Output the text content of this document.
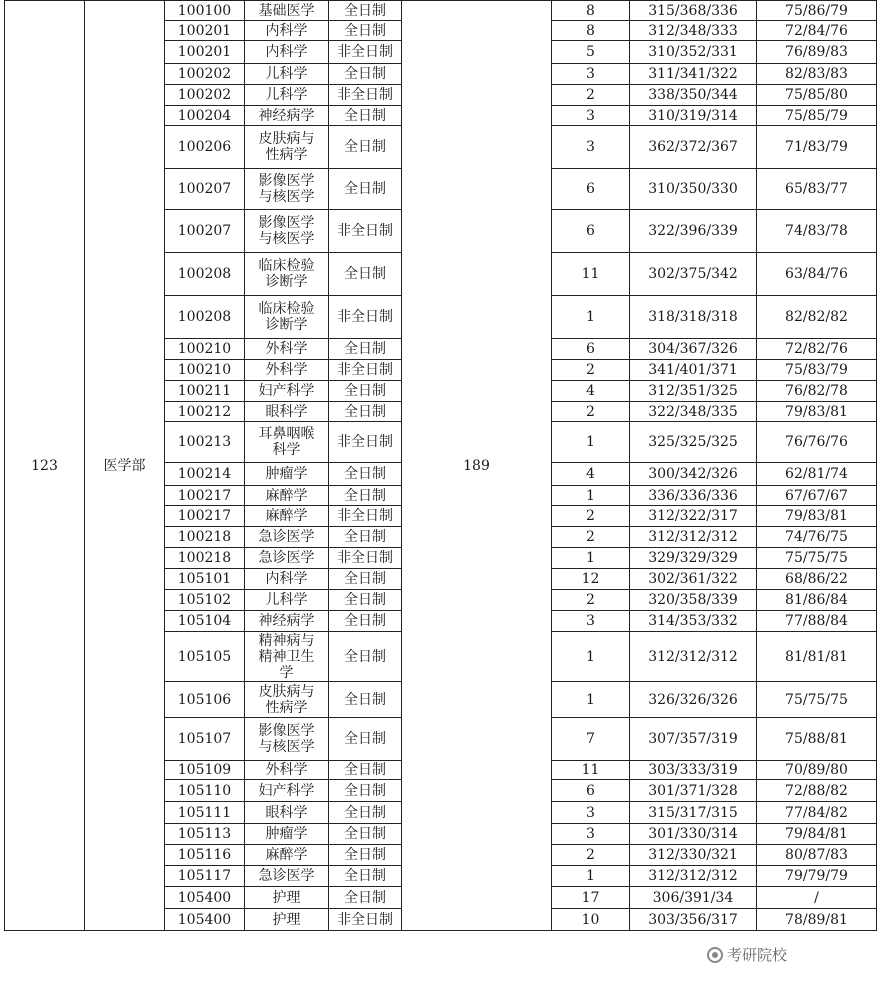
123	医学部	100100	基础医学	全日制	189	8	315/368/336	75/86/79
		100201	内科学	全日制		8	312/348/333	72/84/76
		100201	内科学	非全日制		5	310/352/331	76/89/83
		100202	儿科学	全日制		3	311/341/322	82/83/83
		100202	儿科学	非全日制		2	338/350/344	75/85/80
		100204	神经病学	全日制		3	310/319/314	75/85/79
		100206	皮肤病与
性病学	全日制		3	362/372/367	71/83/79
		100207	影像医学
与核医学	全日制		6	310/350/330	65/83/77
		100207	影像医学
与核医学	非全日制		6	322/396/339	74/83/78
		100208	临床检验
诊断学	全日制		11	302/375/342	63/84/76
		100208	临床检验
诊断学	非全日制		1	318/318/318	82/82/82
		100210	外科学	全日制		6	304/367/326	72/82/76
		100210	外科学	非全日制		2	341/401/371	75/83/79
		100211	妇产科学	全日制		4	312/351/325	76/82/78
		100212	眼科学	全日制		2	322/348/335	79/83/81
		100213	耳鼻咽喉
科学	非全日制		1	325/325/325	76/76/76
		100214	肿瘤学	全日制		4	300/342/326	62/81/74
		100217	麻醉学	全日制		1	336/336/336	67/67/67
		100217	麻醉学	非全日制		2	312/322/317	79/83/81
		100218	急诊医学	全日制		2	312/312/312	74/76/75
		100218	急诊医学	非全日制		1	329/329/329	75/75/75
		105101	内科学	全日制		12	302/361/322	68/86/22
		105102	儿科学	全日制		2	320/358/339	81/86/84
		105104	神经病学	全日制		3	314/353/332	77/88/84
		105105	精神病与
精神卫生
学	全日制		1	312/312/312	81/81/81
		105106	皮肤病与
性病学	全日制		1	326/326/326	75/75/75
		105107	影像医学
与核医学	全日制		7	307/357/319	75/88/81
		105109	外科学	全日制		11	303/333/319	70/89/80
		105110	妇产科学	全日制		6	301/371/328	72/88/82
		105111	眼科学	全日制		3	315/317/315	77/84/82
		105113	肿瘤学	全日制		3	301/330/314	79/84/81
		105116	麻醉学	全日制		2	312/330/321	80/87/83
		105117	急诊医学	全日制		1	312/312/312	79/79/79
		105400	护理	全日制		17	306/391/34	/
		105400	护理	非全日制		10	303/356/317	78/89/81
考研院校
